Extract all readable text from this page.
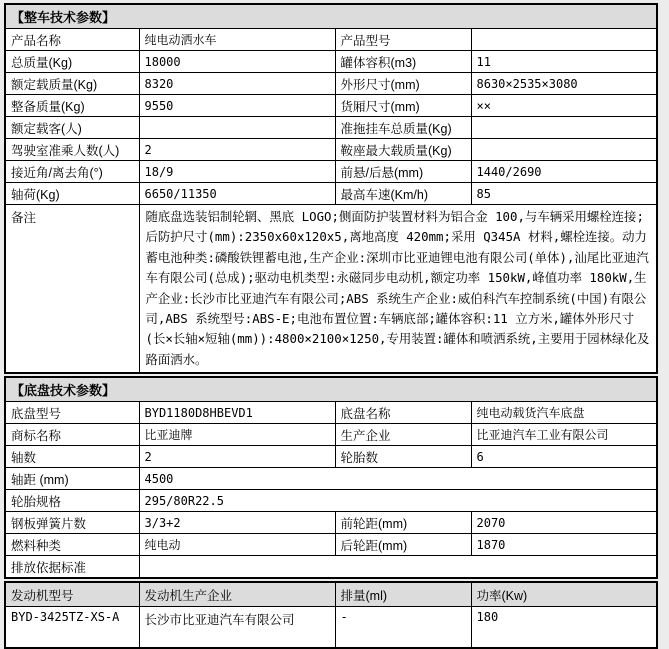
【整车技术参数】			
产品名称	纯电动洒水车	产品型号	
总质量(Kg)	18000	罐体容积(m3)	11
额定载质量(Kg)	8320	外形尺寸(mm)	8630×2535×3080
整备质量(Kg)	9550	货厢尺寸(mm)	××
额定载客(人)		准拖挂车总质量(Kg)	
驾驶室准乘人数(人)	2	鞍座最大载质量(Kg)	
接近角/离去角(°)	18/9	前悬/后悬(mm)	1440/2690
轴荷(Kg)	6650/11350	最高车速(Km/h)	85
备注	随底盘选装铝制轮辋、黑底 LOGO;侧面防护装置材料为铝合金 100,与车辆采用螺栓连接;后防护尺寸(mm):2350x60x120x5,离地高度 420mm;采用 Q345A 材料,螺栓连接。动力蓄电池种类:磷酸铁锂蓄电池,生产企业:深圳市比亚迪锂电池有限公司(单体),汕尾比亚迪汽车有限公司(总成);驱动电机类型:永磁同步电动机,额定功率 150kW,峰值功率 180kW,生产企业:长沙市比亚迪汽车有限公司;ABS 系统生产企业:威伯科汽车控制系统(中国)有限公司,ABS 系统型号:ABS-E;电池布置位置:车辆底部;罐体容积:11 立方米,罐体外形尺寸(长×长轴×短轴(mm)):4800×2100×1250,专用装置:罐体和喷洒系统,主要用于园林绿化及路面洒水。		
【底盘技术参数】			
底盘型号	BYD1180D8HBEVD1	底盘名称	纯电动载货汽车底盘
商标名称	比亚迪牌	生产企业	比亚迪汽车工业有限公司
轴数	2	轮胎数	6
轴距 (mm)	4500		
轮胎规格	295/80R22.5		
钢板弹簧片数	3/3+2	前轮距(mm)	2070
燃料种类	纯电动	后轮距(mm)	1870
排放依据标准			
发动机型号	发动机生产企业	排量(ml)	功率(Kw)
BYD-3425TZ-XS-A	长沙市比亚迪汽车有限公司	-	180
